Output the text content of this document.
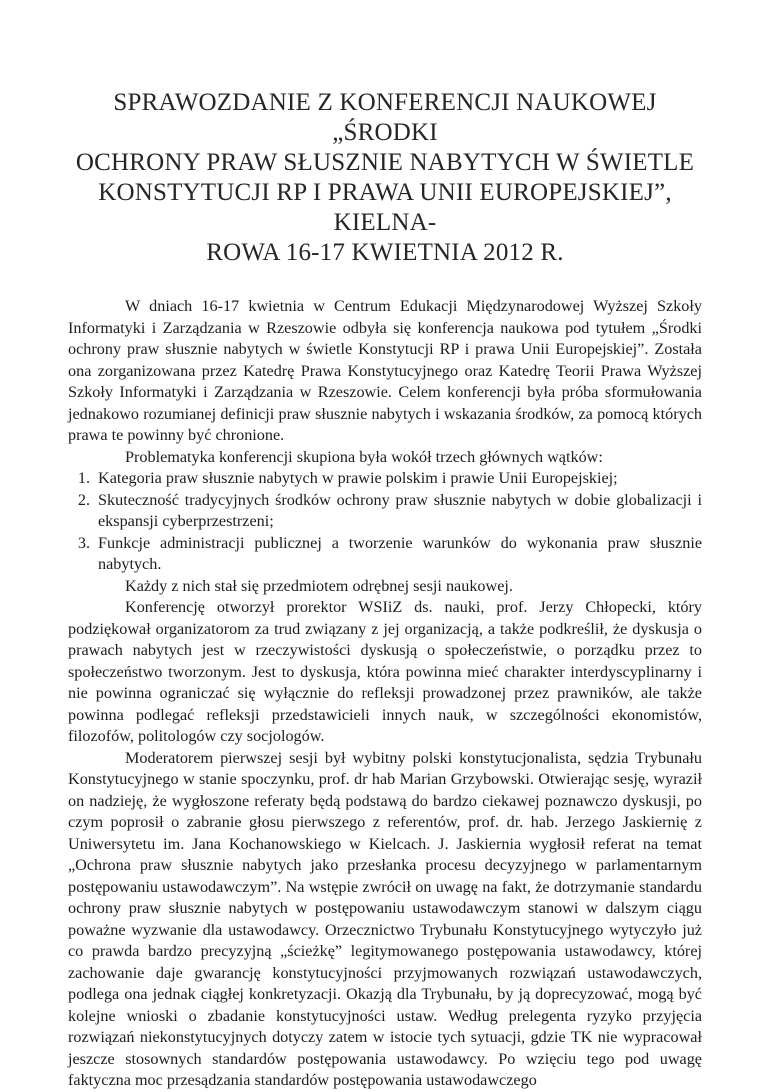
SPRAWOZDANIE Z KONFERENCJI NAUKOWEJ „ŚRODKI
OCHRONY PRAW SŁUSZNIE NABYTYCH W ŚWIETLE
KONSTYTUCJI RP I PRAWA UNII EUROPEJSKIEJ”, KIELNA-
ROWA 16-17 KWIETNIA 2012 R.

W dniach 16-17 kwietnia w Centrum Edukacji Międzynarodowej Wyższej Szkoły Informatyki i Zarządzania w Rzeszowie odbyła się konferencja naukowa pod tytułem „Środki ochrony praw słusznie nabytych w świetle Konstytucji RP i prawa Unii Europejskiej”. Została ona zorganizowana przez Katedrę Prawa Konstytucyjnego oraz Katedrę Teorii Prawa Wyższej Szkoły Informatyki i Zarządzania w Rzeszowie. Celem konferencji była próba sformułowania jednakowo rozumianej definicji praw słusznie nabytych i wskazania środków, za pomocą których prawa te powinny być chronione.

Problematyka konferencji skupiona była wokół trzech głównych wątków:

1. Kategoria praw słusznie nabytych w prawie polskim i prawie Unii Europejskiej;
2. Skuteczność tradycyjnych środków ochrony praw słusznie nabytych w dobie globalizacji i ekspansji cyberprzestrzeni;
3. Funkcje administracji publicznej a tworzenie warunków do wykonania praw słusznie nabytych.

Każdy z nich stał się przedmiotem odrębnej sesji naukowej.

Konferencję otworzył prorektor WSIiZ ds. nauki, prof. Jerzy Chłopecki, który podziękował organizatorom za trud związany z jej organizacją, a także podkreślił, że dyskusja o prawach nabytych jest w rzeczywistości dyskusją o społeczeństwie, o porządku przez to społeczeństwo tworzonym. Jest to dyskusja, która powinna mieć charakter interdyscyplinarny i nie powinna ograniczać się wyłącznie do refleksji prowadzonej przez prawników, ale także powinna podlegać refleksji przedstawicieli innych nauk, w szczególności ekonomistów, filozofów, politologów czy socjologów.

Moderatorem pierwszej sesji był wybitny polski konstytucjonalista, sędzia Trybunału Konstytucyjnego w stanie spoczynku, prof. dr hab Marian Grzybowski. Otwierając sesję, wyraził on nadzieję, że wygłoszone referaty będą podstawą do bardzo ciekawej poznawczo dyskusji, po czym poprosił o zabranie głosu pierwszego z referentów, prof. dr. hab. Jerzego Jaskiernię z Uniwersytetu im. Jana Kochanowskiego w Kielcach. J. Jaskiernia wygłosił referat na temat „Ochrona praw słusznie nabytych jako przesłanka procesu decyzyjnego w parlamentarnym postępowaniu ustawodawczym”. Na wstępie zwrócił on uwagę na fakt, że dotrzymanie standardu ochrony praw słusznie nabytych w postępowaniu ustawodawczym stanowi w dalszym ciągu poważne wyzwanie dla ustawodawcy. Orzecznictwo Trybunału Konstytucyjnego wytyczyło już co prawda bardzo precyzyjną „ścieżkę” legitymowanego postępowania ustawodawcy, której zachowanie daje gwarancję konstytucyjności przyjmowanych rozwiązań ustawodawczych, podlega ona jednak ciągłej konkretyzacji. Okazją dla Trybunału, by ją doprecyzować, mogą być kolejne wnioski o zbadanie konstytucyjności ustaw. Według prelegenta ryzyko przyjęcia rozwiązań niekonstytucyjnych dotyczy zatem w istocie tych sytuacji, gdzie TK nie wypracował jeszcze stosownych standardów postępowania ustawodawcy. Po wzięciu tego pod uwagę faktyczna moc przesądzania standardów postępowania ustawodawczego
